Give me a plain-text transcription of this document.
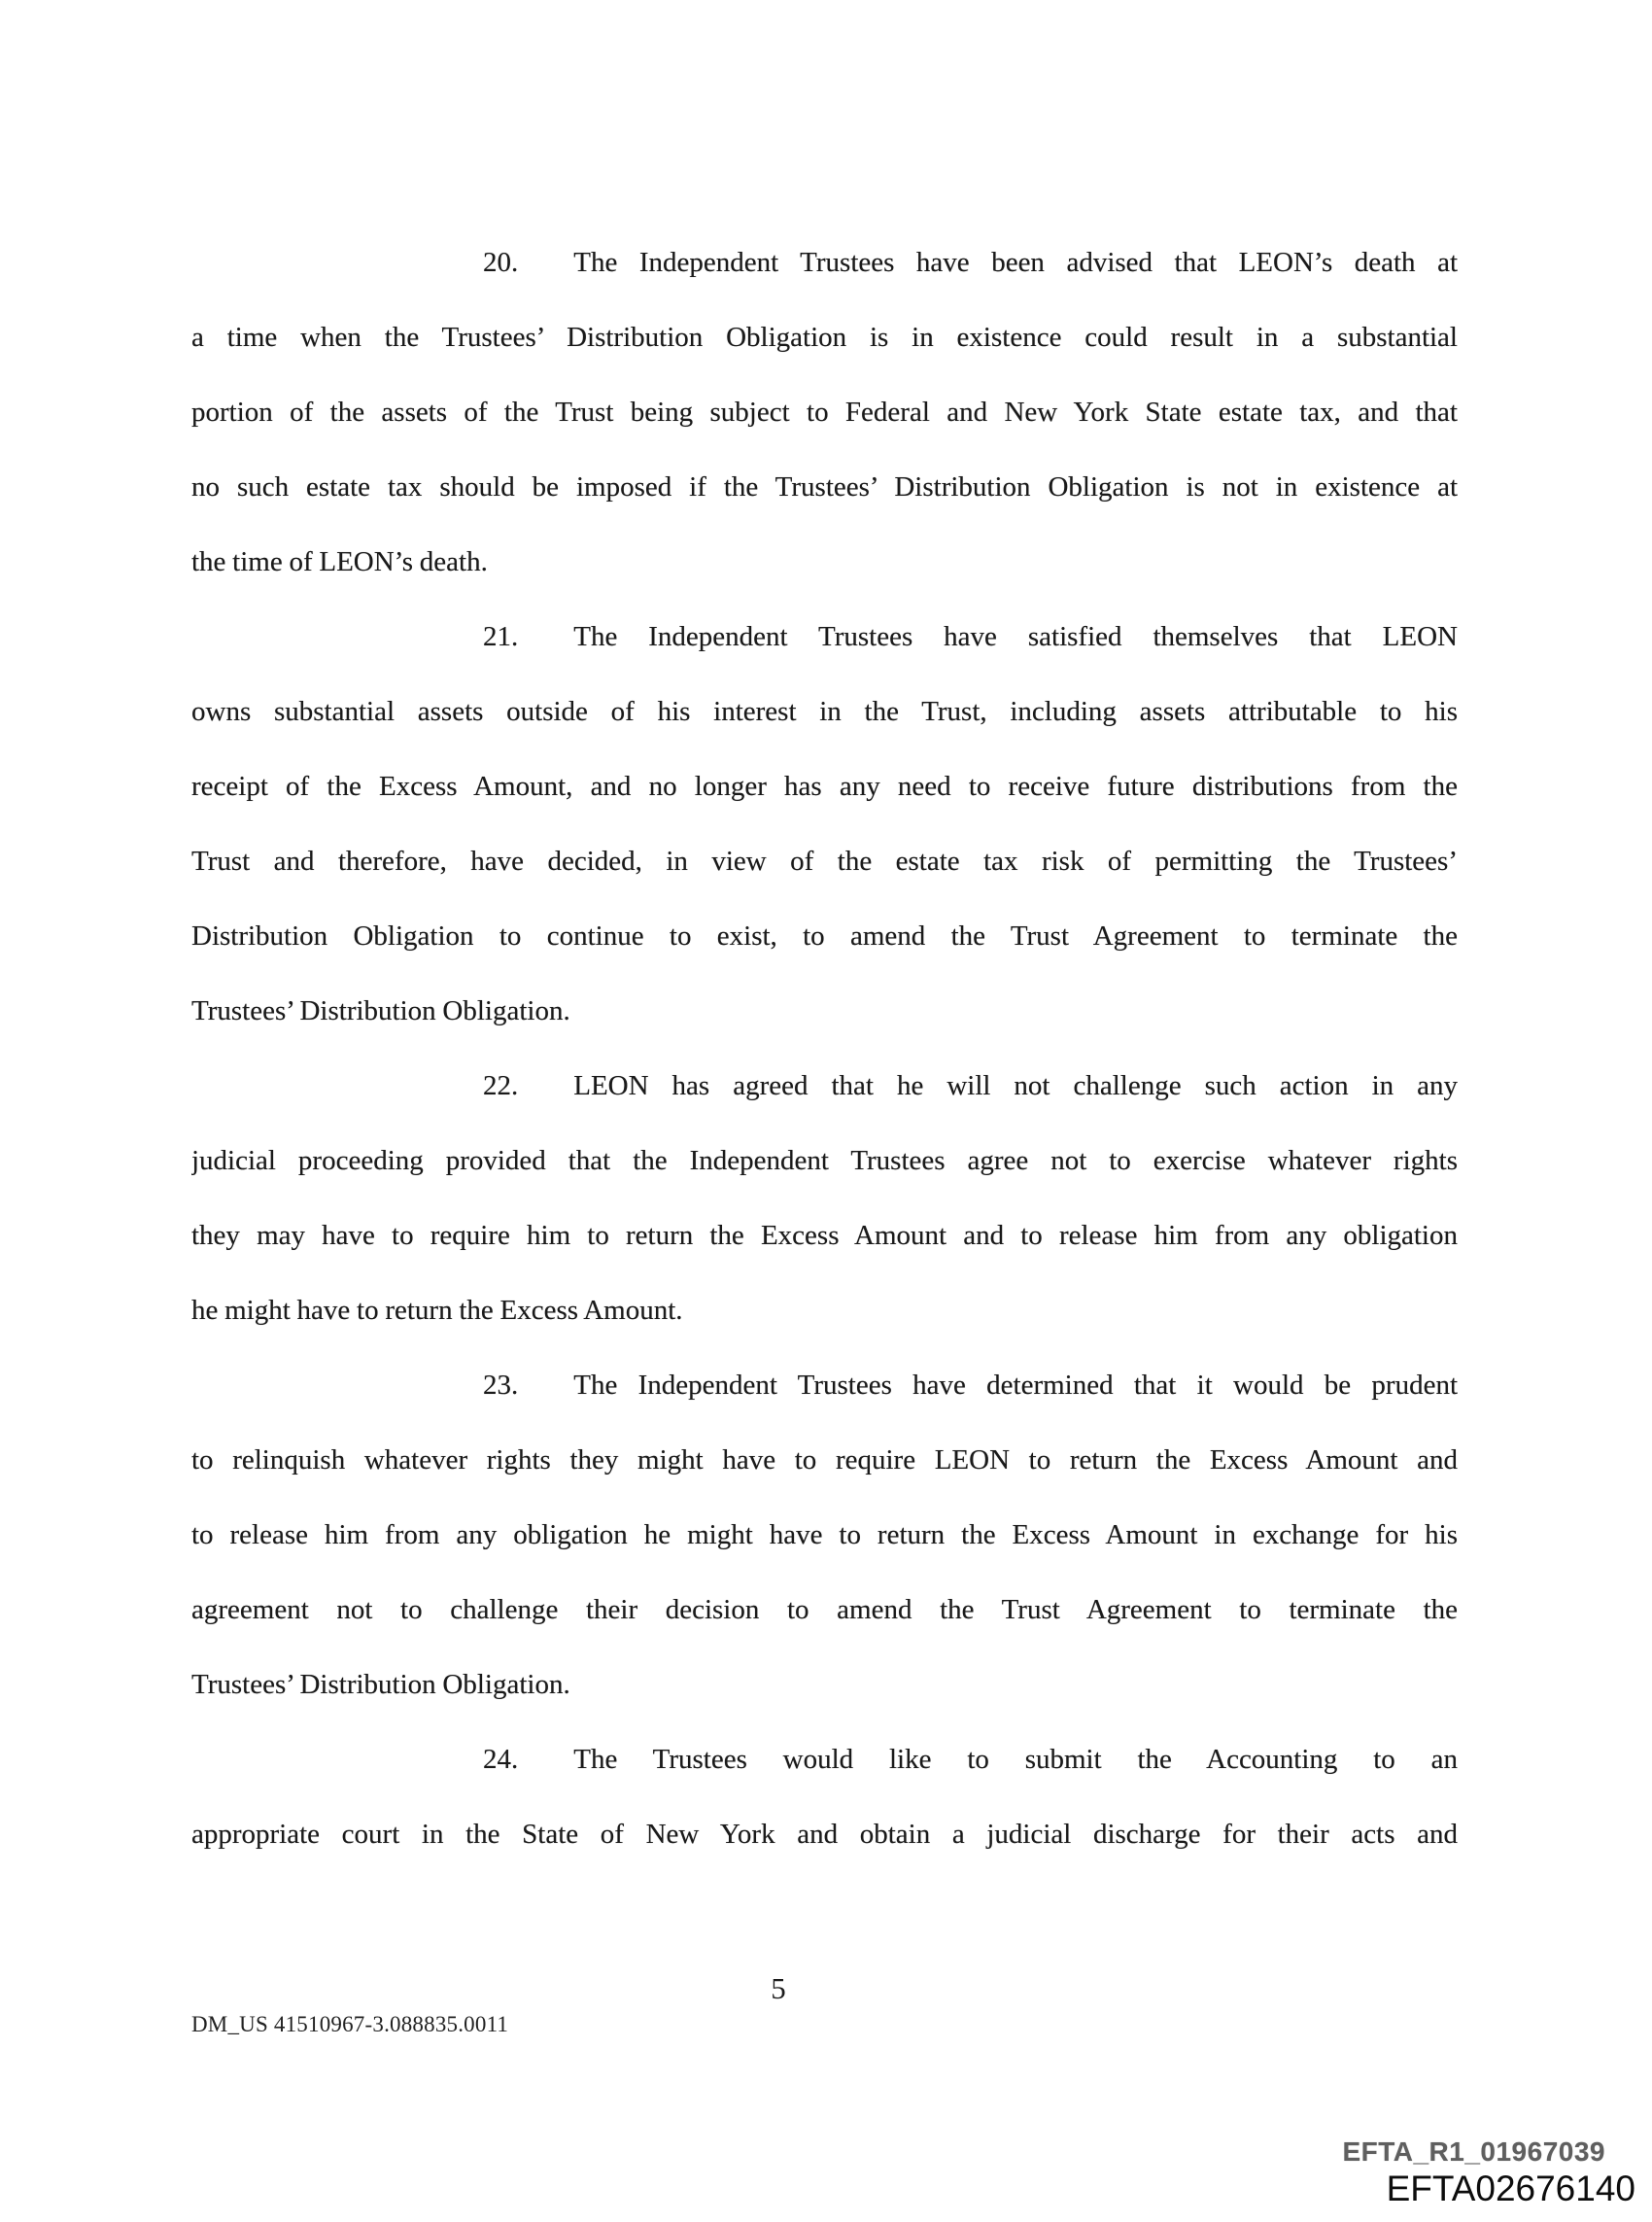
20. The Independent Trustees have been advised that LEON’s death at
a time when the Trustees’ Distribution Obligation is in existence could result in a substantial
portion of the assets of the Trust being subject to Federal and New York State estate tax, and that
no such estate tax should be imposed if the Trustees’ Distribution Obligation is not in existence at
the time of LEON’s death.
21. The Independent Trustees have satisfied themselves that LEON
owns substantial assets outside of his interest in the Trust, including assets attributable to his
receipt of the Excess Amount, and no longer has any need to receive future distributions from the
Trust and therefore, have decided, in view of the estate tax risk of permitting the Trustees’
Distribution Obligation to continue to exist, to amend the Trust Agreement to terminate the
Trustees’ Distribution Obligation.
22. LEON has agreed that he will not challenge such action in any
judicial proceeding provided that the Independent Trustees agree not to exercise whatever rights
they may have to require him to return the Excess Amount and to release him from any obligation
he might have to return the Excess Amount.
23. The Independent Trustees have determined that it would be prudent
to relinquish whatever rights they might have to require LEON to return the Excess Amount and
to release him from any obligation he might have to return the Excess Amount in exchange for his
agreement not to challenge their decision to amend the Trust Agreement to terminate the
Trustees’ Distribution Obligation.
24. The Trustees would like to submit the Accounting to an
appropriate court in the State of New York and obtain a judicial discharge for their acts and
5
DM_US 41510967-3.088835.0011
EFTA_R1_01967039
EFTA02676140
